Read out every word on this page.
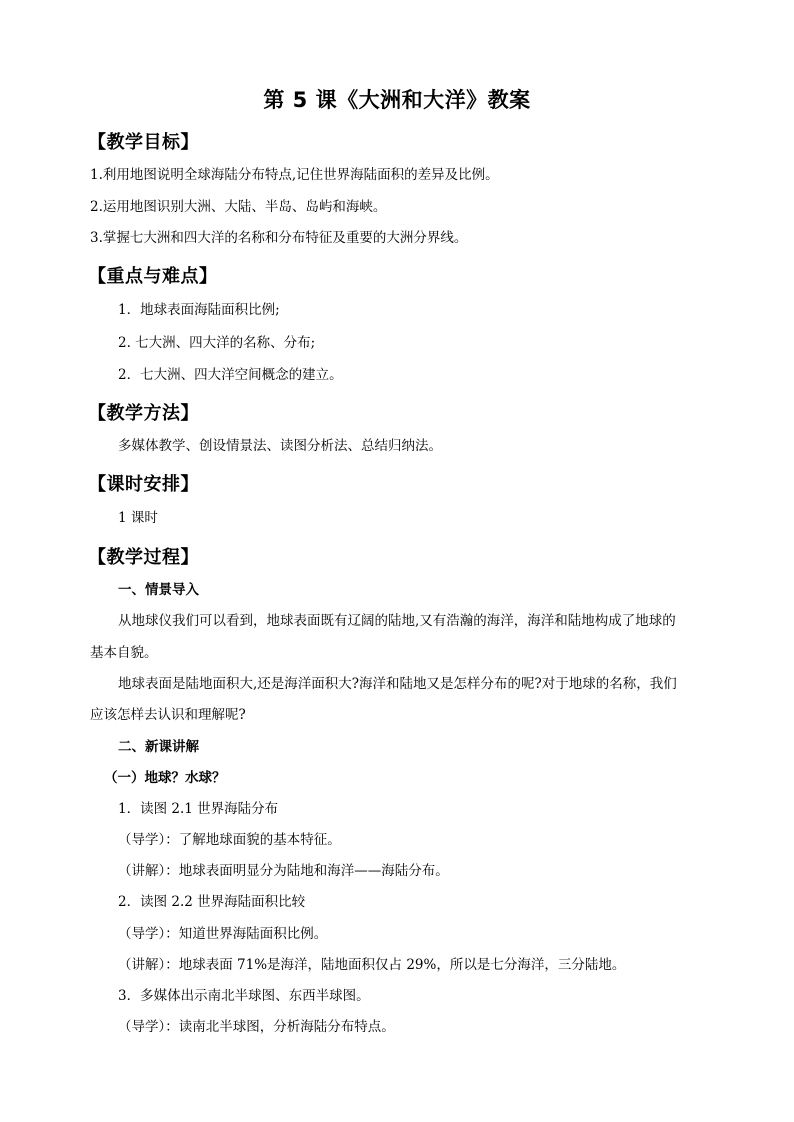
第 5 课《大洲和大洋》教案
【教学目标】
1.利用地图说明全球海陆分布特点,记住世界海陆面积的差异及比例。
2.运用地图识别大洲、大陆、半岛、岛屿和海峡。
3.掌握七大洲和四大洋的名称和分布特征及重要的大洲分界线。
【重点与难点】
1．地球表面海陆面积比例;
2. 七大洲、四大洋的名称、分布;
2．七大洲、四大洋空间概念的建立。
【教学方法】
多媒体教学、创设情景法、读图分析法、总结归纳法。
【课时安排】
1 课时
【教学过程】
一、情景导入
从地球仪我们可以看到，地球表面既有辽阔的陆地,又有浩瀚的海洋，海洋和陆地构成了地球的
基本自貌。
地球表面是陆地面积大,还是海洋面积大?海洋和陆地又是怎样分布的呢?对于地球的名称，我们
应该怎样去认识和理解呢?
二、新课讲解
（一）地球？水球？
1．读图 2.1 世界海陆分布
（导学）：了解地球面貌的基本特征。
（讲解）：地球表面明显分为陆地和海洋——海陆分布。
2．读图 2.2 世界海陆面积比较
（导学）：知道世界海陆面积比例。
（讲解）：地球表面 71%是海洋，陆地面积仅占 29%，所以是七分海洋，三分陆地。
3．多媒体出示南北半球图、东西半球图。
（导学）：读南北半球图，分析海陆分布特点。
